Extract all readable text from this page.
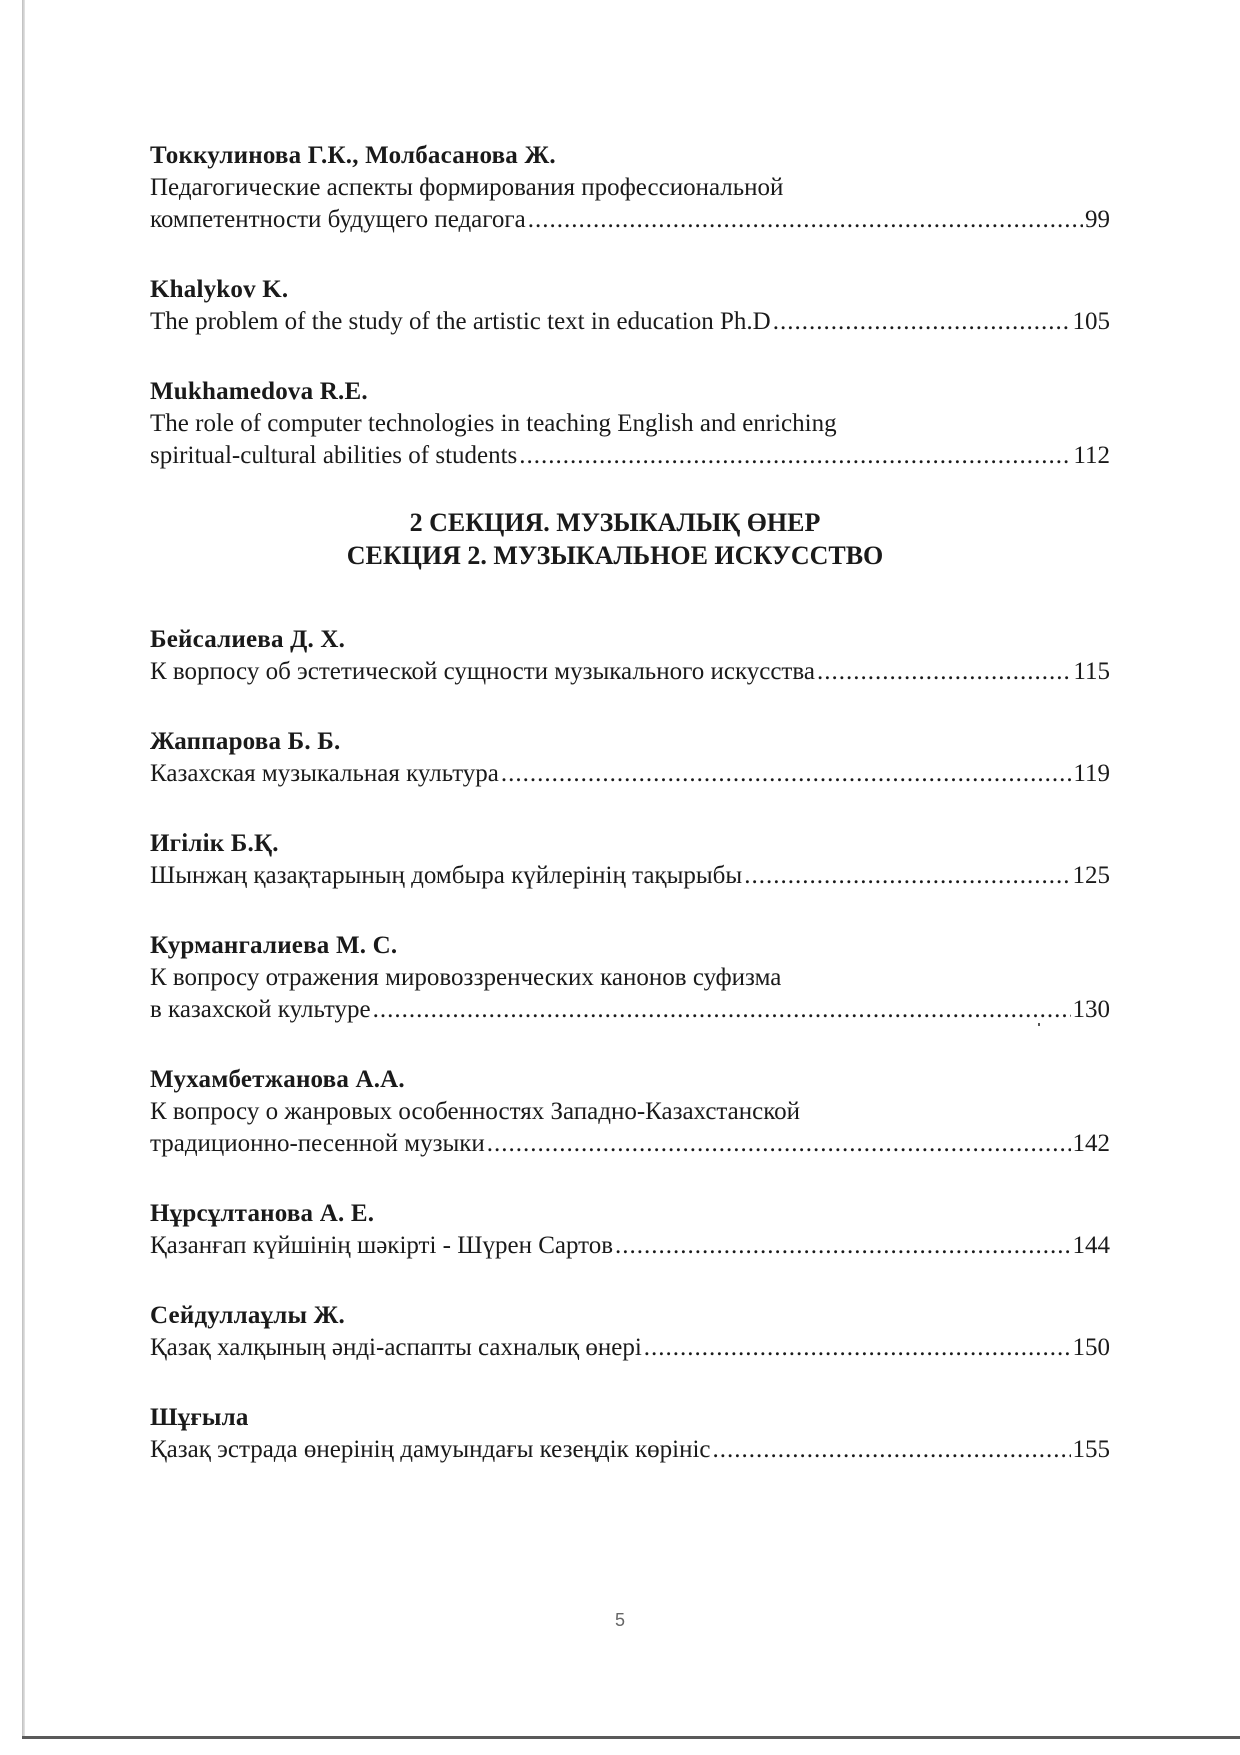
Токкулинова Г.К., Молбасанова Ж.
Педагогические аспекты формирования профессиональной
компетентности будущего педагога .....	99
Khalykov K.
The problem of the study of the artistic text in education Ph.D .....	105
Mukhamedova R.E.
The role of computer technologies in teaching English and enriching
spiritual-cultural abilities of students .....	112
2 СЕКЦИЯ. МУЗЫКАЛЫҚ ӨНЕР
СЕКЦИЯ 2. МУЗЫКАЛЬНОЕ ИСКУССТВО
Бейсалиева Д. Х.
К ворпосу об эстетической сущности музыкального искусства .....	115
Жаппарова Б. Б.
Казахская музыкальная культура .....	119
Игілік Б.Қ.
Шынжаң қазақтарының домбыра күйлерінің тақырыбы .....	125
Курмангалиева М. С.
К вопросу отражения мировоззренческих канонов суфизма
в казахской культуре .....	130
Мухамбетжанова А.А.
К вопросу о жанровых особенностях Западно-Казахстанской
традиционно-песенной музыки .....	142
Нұрсұлтанова А. Е.
Қазанғап күйшінің шәкірті - Шүрен Сартов .....	144
Сейдуллаұлы Ж.
Қазақ халқының әнді-аспапты сахналық өнері .....	150
Шұғыла
Қазақ эстрада өнерінің дамуындағы кезеңдік көрініс .....	155
5
